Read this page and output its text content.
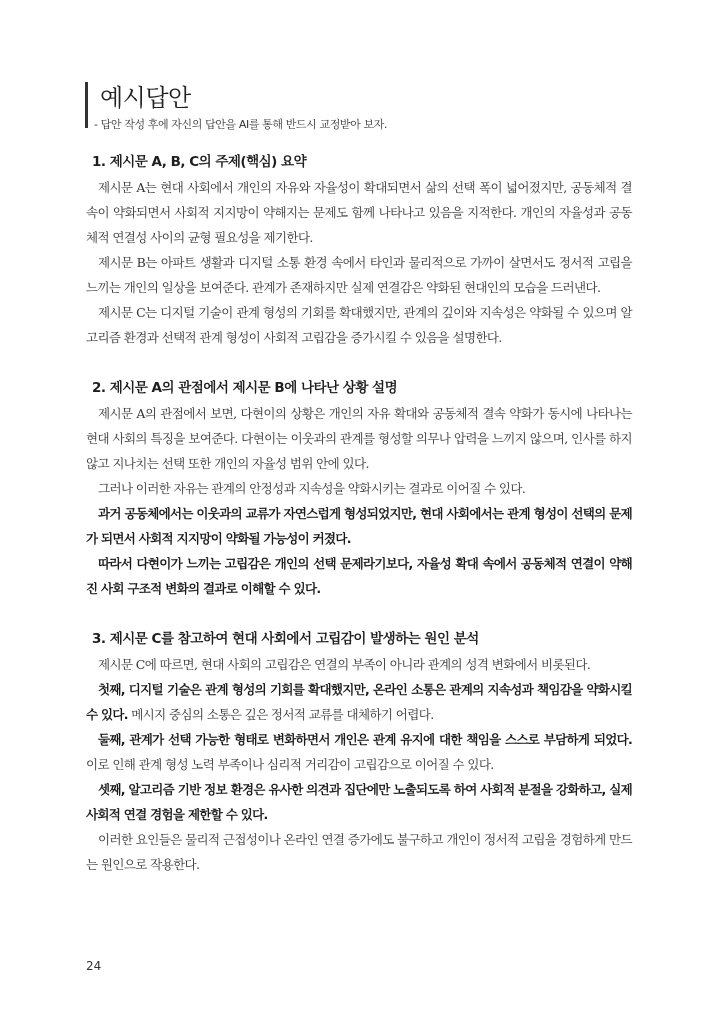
예시답안
- 답안 작성 후에 자신의 답안을 AI를 통해 반드시 교정받아 보자.
1. 제시문 A, B, C의 주제(핵심) 요약

제시문 A는 현대 사회에서 개인의 자유와 자율성이 확대되면서 삶의 선택 폭이 넓어졌지만, 공동체적 결속이 약화되면서 사회적 지지망이 약해지는 문제도 함께 나타나고 있음을 지적한다. 개인의 자율성과 공동체적 연결성 사이의 균형 필요성을 제기한다.

제시문 B는 아파트 생활과 디지털 소통 환경 속에서 타인과 물리적으로 가까이 살면서도 정서적 고립을 느끼는 개인의 일상을 보여준다. 관계가 존재하지만 실제 연결감은 약화된 현대인의 모습을 드러낸다.

제시문 C는 디지털 기술이 관계 형성의 기회를 확대했지만, 관계의 깊이와 지속성은 약화될 수 있으며 알고리즘 환경과 선택적 관계 형성이 사회적 고립감을 증가시킬 수 있음을 설명한다.

2. 제시문 A의 관점에서 제시문 B에 나타난 상황 설명

제시문 A의 관점에서 보면, 다현이의 상황은 개인의 자유 확대와 공동체적 결속 약화가 동시에 나타나는 현대 사회의 특징을 보여준다. 다현이는 이웃과의 관계를 형성할 의무나 압력을 느끼지 않으며, 인사를 하지 않고 지나치는 선택 또한 개인의 자율성 범위 안에 있다.

그러나 이러한 자유는 관계의 안정성과 지속성을 약화시키는 결과로 이어질 수 있다.

과거 공동체에서는 이웃과의 교류가 자연스럽게 형성되었지만, 현대 사회에서는 관계 형성이 선택의 문제가 되면서 사회적 지지망이 약화될 가능성이 커졌다.

따라서 다현이가 느끼는 고립감은 개인의 선택 문제라기보다, 자율성 확대 속에서 공동체적 연결이 약해진 사회 구조적 변화의 결과로 이해할 수 있다.

3. 제시문 C를 참고하여 현대 사회에서 고립감이 발생하는 원인 분석

제시문 C에 따르면, 현대 사회의 고립감은 연결의 부족이 아니라 관계의 성격 변화에서 비롯된다.

첫째, 디지털 기술은 관계 형성의 기회를 확대했지만, 온라인 소통은 관계의 지속성과 책임감을 약화시킬 수 있다. 메시지 중심의 소통은 깊은 정서적 교류를 대체하기 어렵다.

둘째, 관계가 선택 가능한 형태로 변화하면서 개인은 관계 유지에 대한 책임을 스스로 부담하게 되었다. 이로 인해 관계 형성 노력 부족이나 심리적 거리감이 고립감으로 이어질 수 있다.

셋째, 알고리즘 기반 정보 환경은 유사한 의견과 집단에만 노출되도록 하여 사회적 분절을 강화하고, 실제 사회적 연결 경험을 제한할 수 있다.

이러한 요인들은 물리적 근접성이나 온라인 연결 증가에도 불구하고 개인이 정서적 고립을 경험하게 만드는 원인으로 작용한다.

24
